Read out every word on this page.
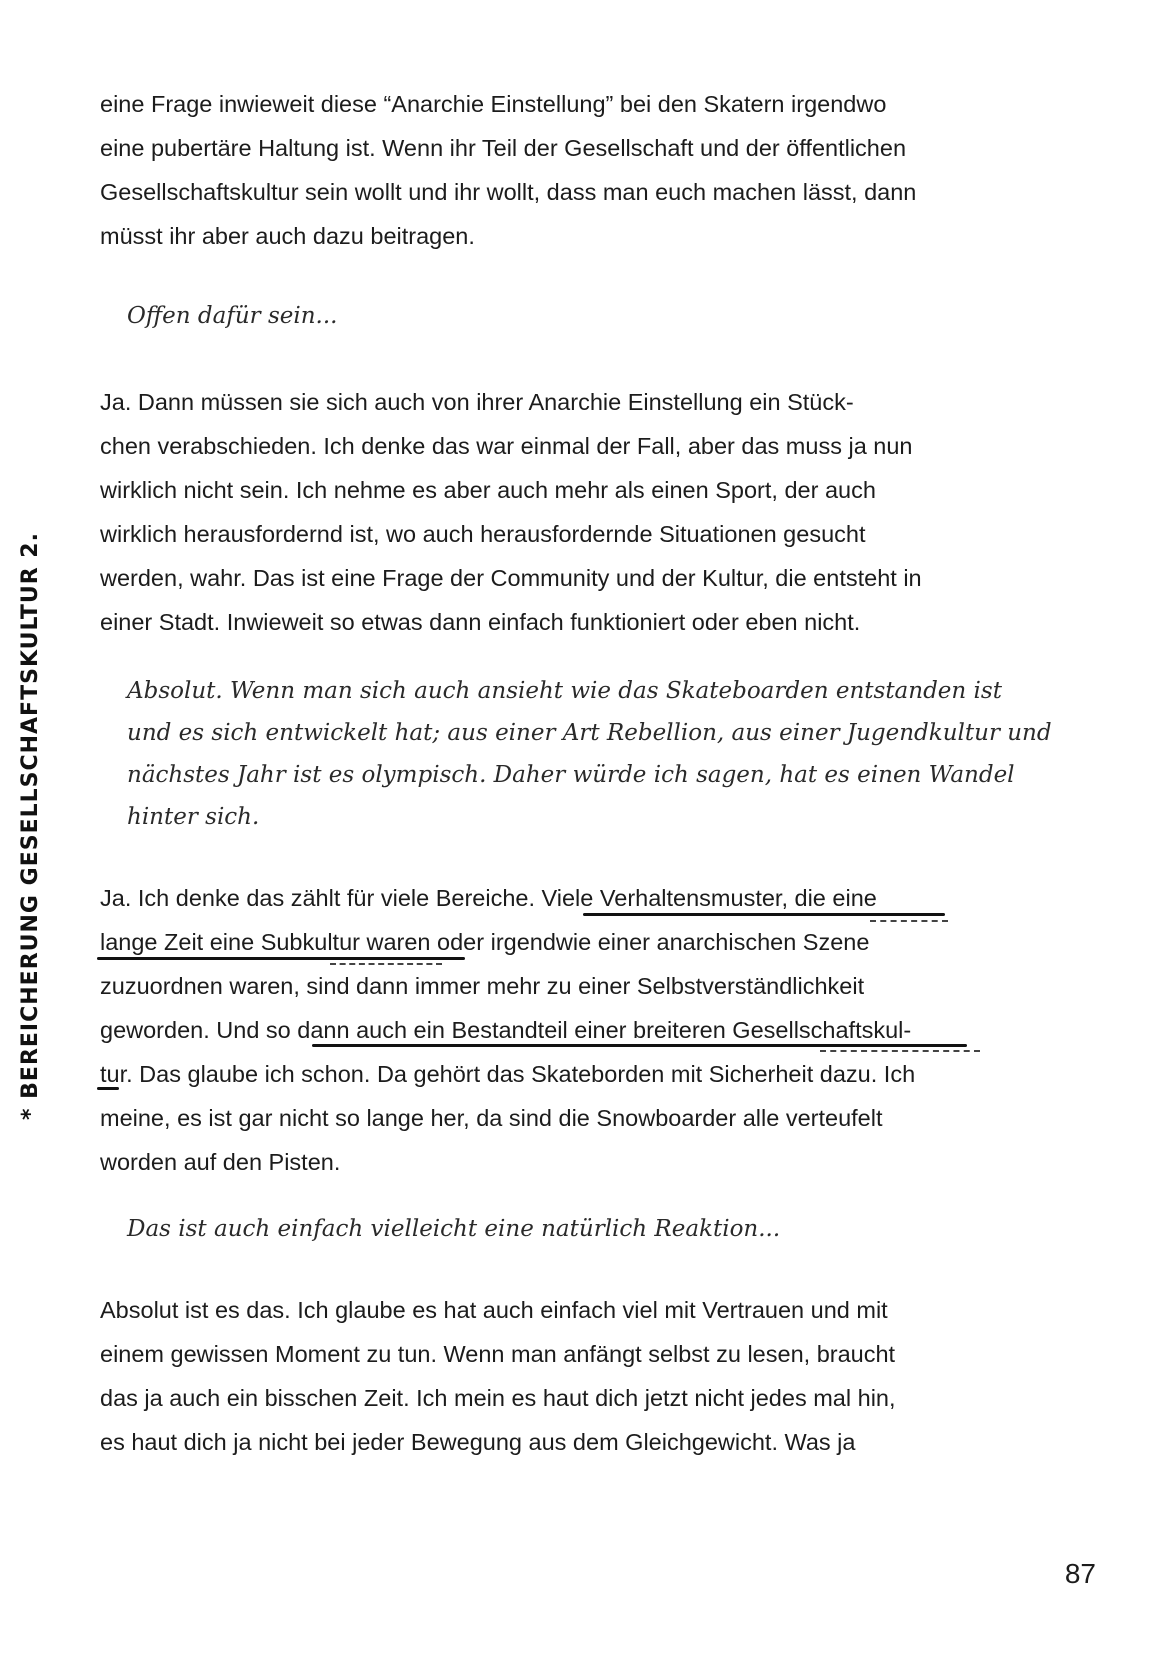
eine Frage inwieweit diese “Anarchie Einstellung” bei den Skatern irgendwo
eine pubertäre Haltung ist. Wenn ihr Teil der Gesellschaft und der öffentlichen
Gesellschaftskultur sein wollt und ihr wollt, dass man euch machen lässt, dann
müsst ihr aber auch dazu beitragen.
Offen dafür sein...
Ja. Dann müssen sie sich auch von ihrer Anarchie Einstellung ein Stück-
chen verabschieden. Ich denke das war einmal der Fall, aber das muss ja nun
wirklich nicht sein. Ich nehme es aber auch mehr als einen Sport, der auch
wirklich herausfordernd ist, wo auch herausfordernde Situationen gesucht
werden, wahr. Das ist eine Frage der Community und der Kultur, die entsteht in
einer Stadt. Inwieweit so etwas dann einfach funktioniert oder eben nicht.
Absolut. Wenn man sich auch ansieht wie das Skateboarden entstanden ist
und es sich entwickelt hat; aus einer Art Rebellion, aus einer Jugendkultur und
nächstes Jahr ist es olympisch. Daher würde ich sagen, hat es einen Wandel
hinter sich.
Ja. Ich denke das zählt für viele Bereiche. Viele Verhaltensmuster, die eine
lange Zeit eine Subkultur waren oder irgendwie einer anarchischen Szene
zuzuordnen waren, sind dann immer mehr zu einer Selbstverständlichkeit
geworden. Und so dann auch ein Bestandteil einer breiteren Gesellschaftskul-
tur. Das glaube ich schon. Da gehört das Skateborden mit Sicherheit dazu. Ich
meine, es ist gar nicht so lange her, da sind die Snowboarder alle verteufelt
worden auf den Pisten.
Das ist auch einfach vielleicht eine natürlich Reaktion...
Absolut ist es das. Ich glaube es hat auch einfach viel mit Vertrauen und mit
einem gewissen Moment zu tun. Wenn man anfängt selbst zu lesen, braucht
das ja auch ein bisschen Zeit. Ich mein es haut dich jetzt nicht jedes mal hin,
es haut dich ja nicht bei jeder Bewegung aus dem Gleichgewicht. Was ja
* BEREICHERUNG GESELLSCHAFTSKULTUR 2.
87
